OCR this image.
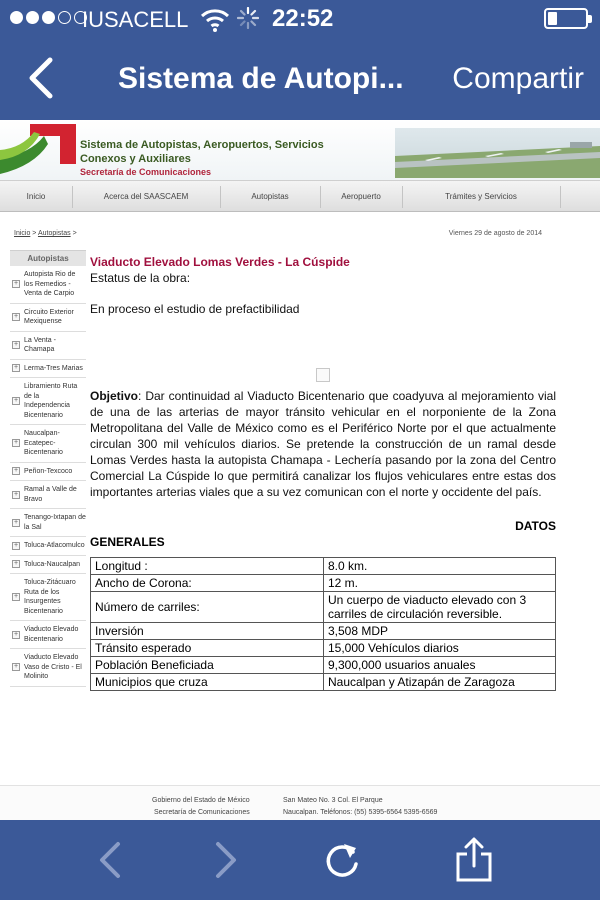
IUSACELL	22:52
Sistema de Autopi... Compartir
Sistema de Autopistas, Aeropuertos, Servicios
Conexos y Auxiliares
Secretaría de Comunicaciones
Inicio	Acerca del SAASCAEM	Autopistas	Aeropuerto	Trámites y Servicios
Inicio > Autopistas >	Viernes 29 de agosto de 2014
Autopistas
+
Autopista Rio de los Remedios - Venta de Carpio
+
Circuito Exterior Mexiquense
+
La Venta - Chamapa
+ Lerma-Tres Marias
+
Libramiento Ruta de la Independencia Bicentenario
+
Naucalpan-Ecatepec-Bicentenario
+ Peñon-Texcoco
+
Ramal a Valle de Bravo
+
Tenango-Ixtapan de la Sal
+ Toluca-Atlacomulco
+ Toluca-Naucalpan
+
Toluca-Zitácuaro Ruta de los Insurgentes Bicentenario
+
Viaducto Elevado Bicentenario
+
Viaducto Elevado Vaso de Cristo - El Molinito
Viaducto Elevado Lomas Verdes - La Cúspide
Estatus de la obra:
En proceso el estudio de prefactibilidad
Objetivo: Dar continuidad al Viaducto Bicentenario que coadyuva al mejoramiento vial de una de las arterias de mayor tránsito vehicular en el norponiente de la Zona Metropolitana del Valle de México como es el Periférico Norte por el que actualmente circulan 300 mil vehículos diarios. Se pretende la construcción de un ramal desde Lomas Verdes hasta la autopista Chamapa - Lechería pasando por la zona del Centro Comercial La Cúspide lo que permitirá canalizar los flujos vehiculares entre estas dos importantes arterias viales que a su vez comunican con el norte y occidente del país.
DATOS
GENERALES
Longitud :	8.0 km.
Ancho de Corona:	12 m.
Número de carriles:	Un cuerpo de viaducto elevado con 3 carriles de circulación reversible.
Inversión	3,508 MDP
Tránsito esperado	15,000 Vehículos diarios
Población Beneficiada	9,300,000 usuarios anuales
Municipios que cruza	Naucalpan y Atizapán de Zaragoza
Gobierno del Estado de México
Secretaría de Comunicaciones
San Mateo No. 3 Col. El Parque
Naucalpan. Teléfonos: (55) 5395-6564 5395-6569
